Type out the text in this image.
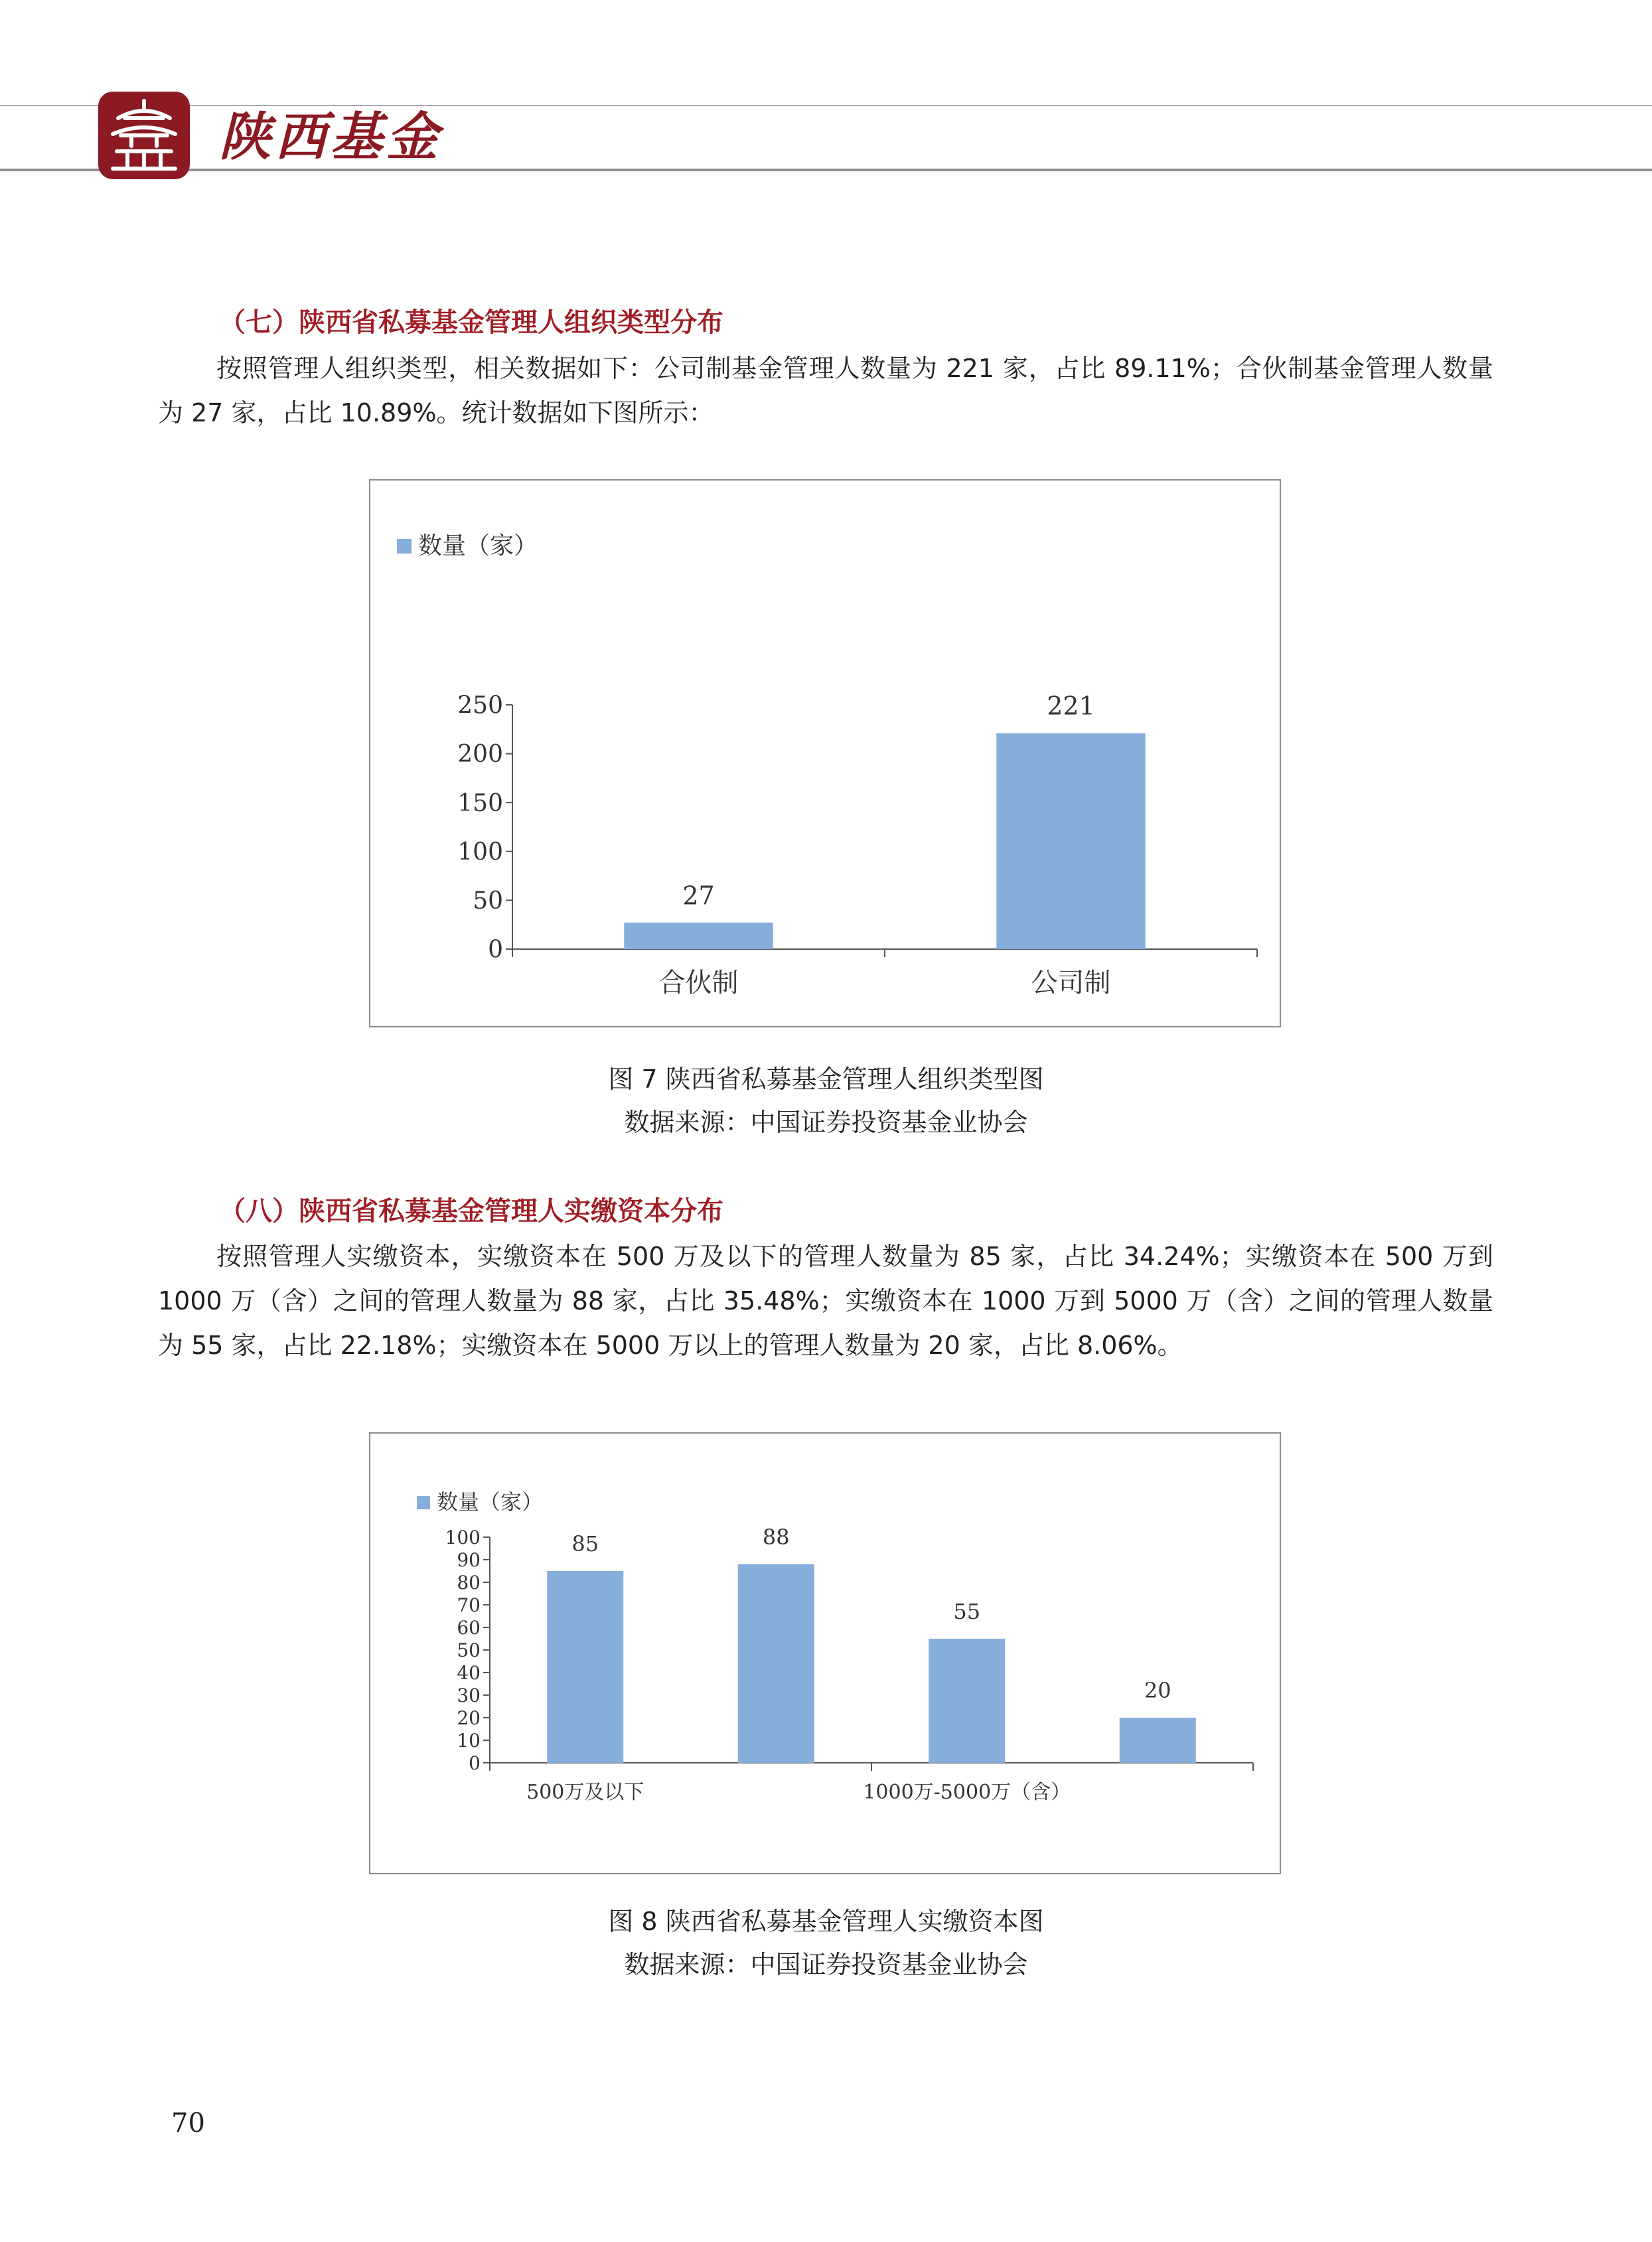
陕西基金
（七）陕西省私募基金管理人组织类型分布

按照管理人组织类型，相关数据如下：公司制基金管理人数量为 221 家，占比 89.11%；合伙制基金管理人数量为 27 家，占比 10.89%。统计数据如下图所示：

数量（家）
0
50
100
150
200
250
27
合伙制
221
公司制
图 7 陕西省私募基金管理人组织类型图
数据来源：中国证券投资基金业协会
（八）陕西省私募基金管理人实缴资本分布

按照管理人实缴资本，实缴资本在 500 万及以下的管理人数量为 85 家，占比 34.24%；实缴资本在 500 万到 1000 万（含）之间的管理人数量为 88 家，占比 35.48%；实缴资本在 1000 万到 5000 万（含）之间的管理人数量为 55 家，占比 22.18%；实缴资本在 5000 万以上的管理人数量为 20 家，占比 8.06%。

数量（家）
0
10
20
30
40
50
60
70
80
90
100	85
500万及以下
88
55
1000万-5000万（含）
20
图 8 陕西省私募基金管理人实缴资本图
数据来源：中国证券投资基金业协会
70
